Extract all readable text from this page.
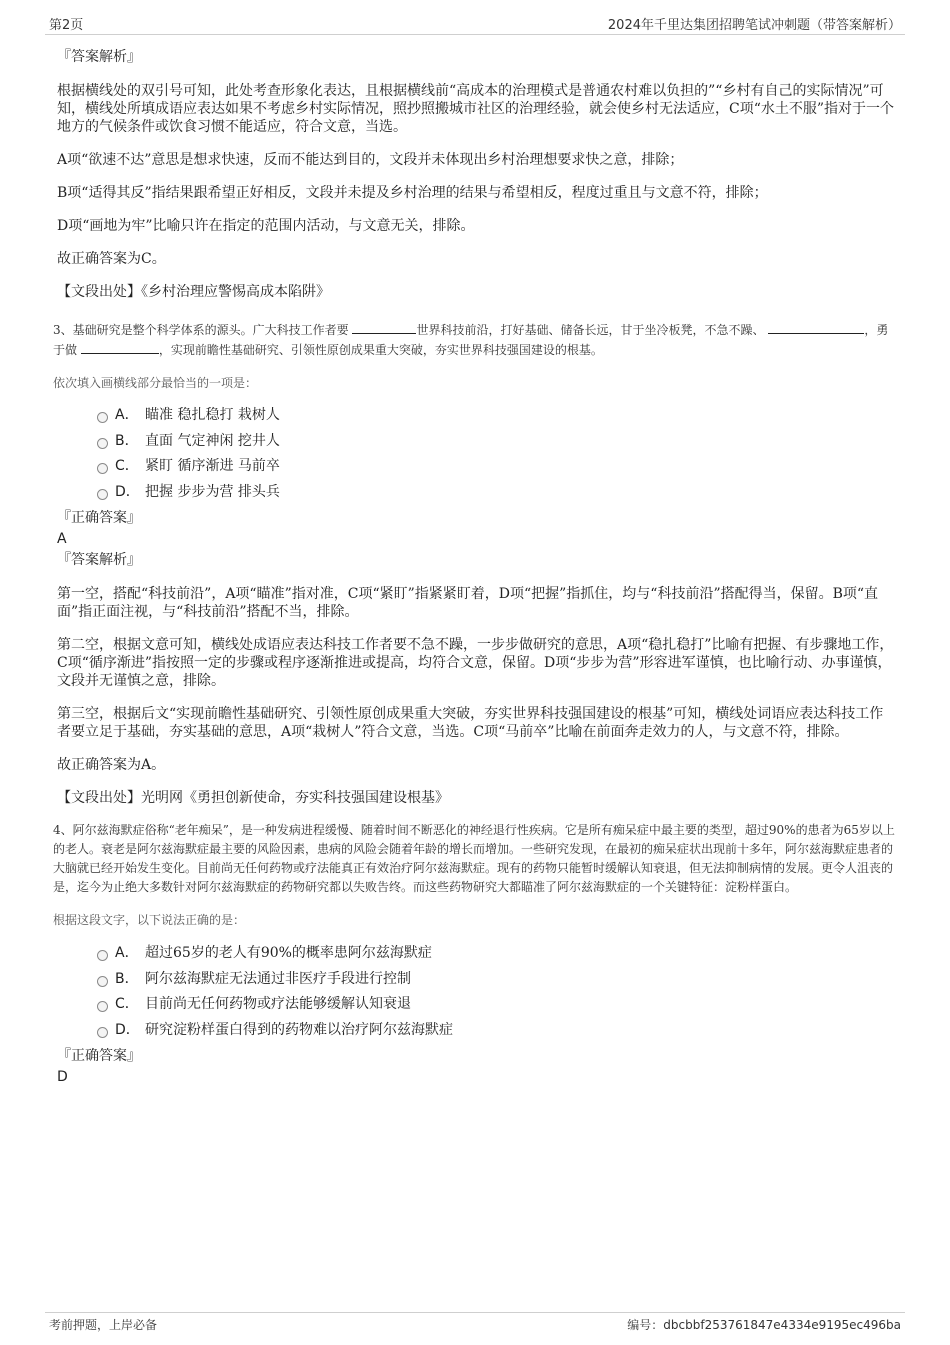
第2页	2024年千里达集团招聘笔试冲刺题（带答案解析）
『答案解析』

根据横线处的双引号可知，此处考查形象化表达，且根据横线前“高成本的治理模式是普通农村难以负担的”“乡村有自己的实际情况”可知，横线处所填成语应表达如果不考虑乡村实际情况，照抄照搬城市社区的治理经验，就会使乡村无法适应，C项“水土不服”指对于一个地方的气候条件或饮食习惯不能适应，符合文意，当选。

A项“欲速不达”意思是想求快速，反而不能达到目的，文段并未体现出乡村治理想要求快之意，排除；

B项“适得其反”指结果跟希望正好相反，文段并未提及乡村治理的结果与希望相反，程度过重且与文意不符，排除；

D项“画地为牢”比喻只许在指定的范围内活动，与文意无关，排除。

故正确答案为C。

【文段出处】《乡村治理应警惕高成本陷阱》

3、基础研究是整个科学体系的源头。广大科技工作者要	世界科技前沿，打好基础、储备长远，甘于坐冷板凳，不急不躁、	，勇于做	，实现前瞻性基础研究、引领性原创成果重大突破，夯实世界科技强国建设的根基。

依次填入画横线部分最恰当的一项是：

A． 瞄准 稳扎稳打 栽树人
B． 直面 气定神闲 挖井人
C． 紧盯 循序渐进 马前卒
D． 把握 步步为营 排头兵
『正确答案』
A
『答案解析』

第一空，搭配“科技前沿”，A项“瞄准”指对准，C项“紧盯”指紧紧盯着，D项“把握”指抓住，均与“科技前沿”搭配得当，保留。B项“直面”指正面注视，与“科技前沿”搭配不当，排除。

第二空，根据文意可知，横线处成语应表达科技工作者要不急不躁，一步步做研究的意思，A项“稳扎稳打”比喻有把握、有步骤地工作，C项“循序渐进”指按照一定的步骤或程序逐渐推进或提高，均符合文意，保留。D项“步步为营”形容进军谨慎，也比喻行动、办事谨慎，文段并无谨慎之意，排除。

第三空，根据后文“实现前瞻性基础研究、引领性原创成果重大突破，夯实世界科技强国建设的根基”可知，横线处词语应表达科技工作者要立足于基础，夯实基础的意思，A项“栽树人”符合文意，当选。C项“马前卒”比喻在前面奔走效力的人，与文意不符，排除。

故正确答案为A。

【文段出处】光明网《勇担创新使命，夯实科技强国建设根基》

4、阿尔兹海默症俗称“老年痴呆”，是一种发病进程缓慢、随着时间不断恶化的神经退行性疾病。它是所有痴呆症中最主要的类型，超过90%的患者为65岁以上的老人。衰老是阿尔兹海默症最主要的风险因素，患病的风险会随着年龄的增长而增加。一些研究发现，在最初的痴呆症状出现前十多年，阿尔兹海默症患者的大脑就已经开始发生变化。目前尚无任何药物或疗法能真正有效治疗阿尔兹海默症。现有的药物只能暂时缓解认知衰退，但无法抑制病情的发展。更令人沮丧的是，迄今为止绝大多数针对阿尔兹海默症的药物研究都以失败告终。而这些药物研究大都瞄准了阿尔兹海默症的一个关键特征：淀粉样蛋白。

根据这段文字，以下说法正确的是：

A． 超过65岁的老人有90%的概率患阿尔兹海默症
B． 阿尔兹海默症无法通过非医疗手段进行控制
C． 目前尚无任何药物或疗法能够缓解认知衰退
D． 研究淀粉样蛋白得到的药物难以治疗阿尔兹海默症
『正确答案』
D
考前押题，上岸必备	编号：dbcbbf253761847e4334e9195ec496ba
